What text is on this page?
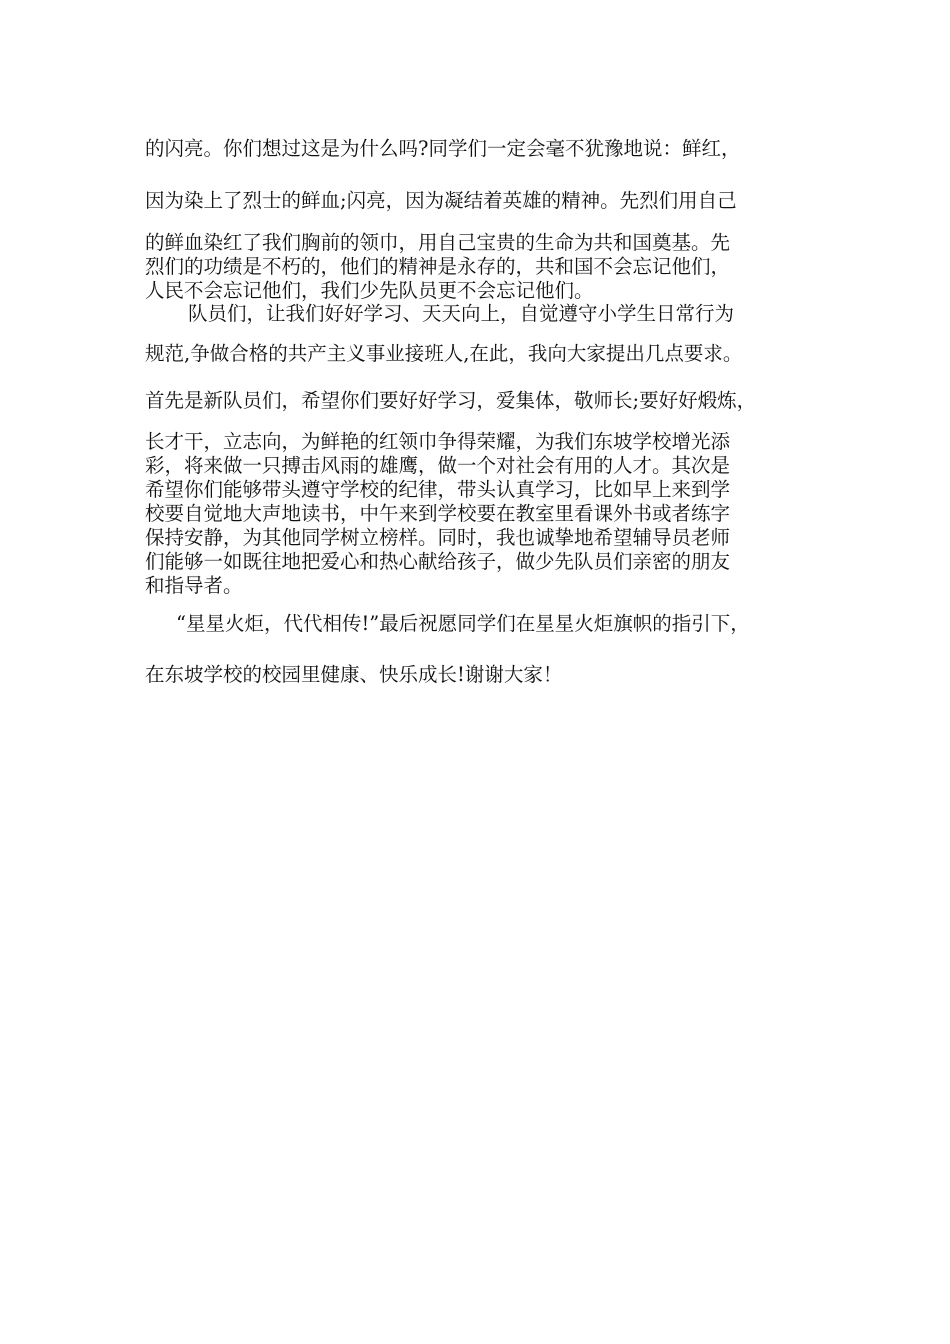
的闪亮。你们想过这是为什么吗?同学们一定会毫不犹豫地说：鲜红，
因为染上了烈士的鲜血;闪亮，因为凝结着英雄的精神。先烈们用自己
的鲜血染红了我们胸前的领巾，用自己宝贵的生命为共和国奠基。先
烈们的功绩是不朽的，他们的精神是永存的，共和国不会忘记他们，
人民不会忘记他们，我们少先队员更不会忘记他们。
队员们，让我们好好学习、天天向上，自觉遵守小学生日常行为
规范,争做合格的共产主义事业接班人,在此，我向大家提出几点要求。
首先是新队员们，希望你们要好好学习，爱集体，敬师长;要好好煅炼，
长才干，立志向，为鲜艳的红领巾争得荣耀，为我们东坡学校增光添
彩，将来做一只搏击风雨的雄鹰，做一个对社会有用的人才。其次是
希望你们能够带头遵守学校的纪律，带头认真学习，比如早上来到学
校要自觉地大声地读书，中午来到学校要在教室里看课外书或者练字
保持安静，为其他同学树立榜样。同时，我也诚挚地希望辅导员老师
们能够一如既往地把爱心和热心献给孩子，做少先队员们亲密的朋友
和指导者。
“星星火炬，代代相传!”最后祝愿同学们在星星火炬旗帜的指引下，
在东坡学校的校园里健康、快乐成长!谢谢大家！
